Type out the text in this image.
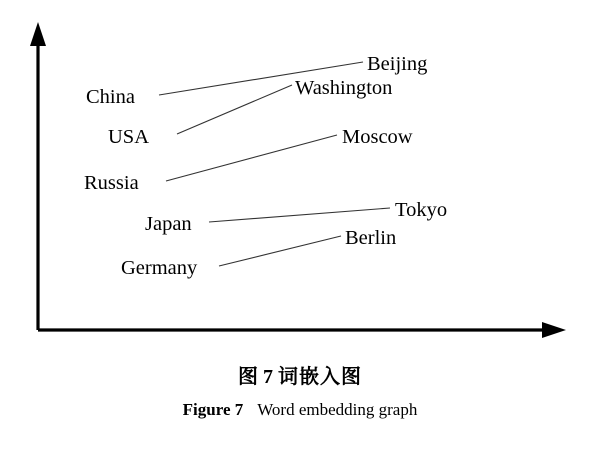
Beijing
Washington
China
USA	Moscow
Russia
Tokyo
Japan
Berlin
Germany
图 7 词嵌入图
Figure 7 Word embedding graph
